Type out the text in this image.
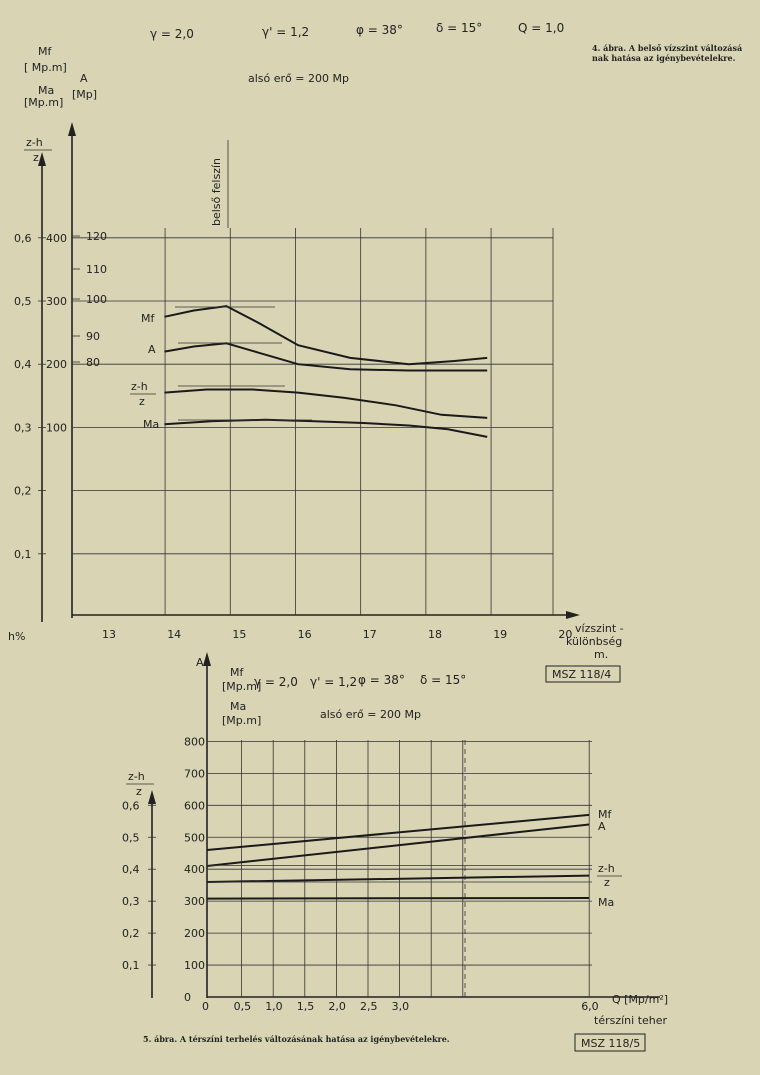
γ = 2,0	γ' = 1,2	φ = 38°	δ = 15°	Q = 1,0
4. ábra. A belső vízszint változásá
nak hatása az igénybevételekre.
Mf
[ Mp.m]
Ma
[Mp.m]
A
[Mp]
alsó erő = 200 Mp
z-h
z
h%
belső felszín
vízszint -
különbség
m.
MSZ 118/4
0,1
0,2
0,3
0,4
0,5
0,6
100
200
300
400
80
90
100
110
120
13	14	15	16	17	18	19	20
Mf
A
Ma
z-h
z
Mf
[Mp.m]
Ma
[Mp.m]
A
γ = 2,0 γ' = 1,2 φ = 38° δ = 15°
alsó erő = 200 Mp
z-h
z
Q [Mp/m²]
térszíni teher
5. ábra. A térszíni terhelés változásának hatása az igénybevételekre.	MSZ 118/5
0
100
200
300
400
500
600
700
800
0,1
0,2
0,3
0,4
0,5
0,6
0 0,5 1,0 1,5 2,0 2,5 3,0	6,0
Mf
A
z-h
z
Ma
